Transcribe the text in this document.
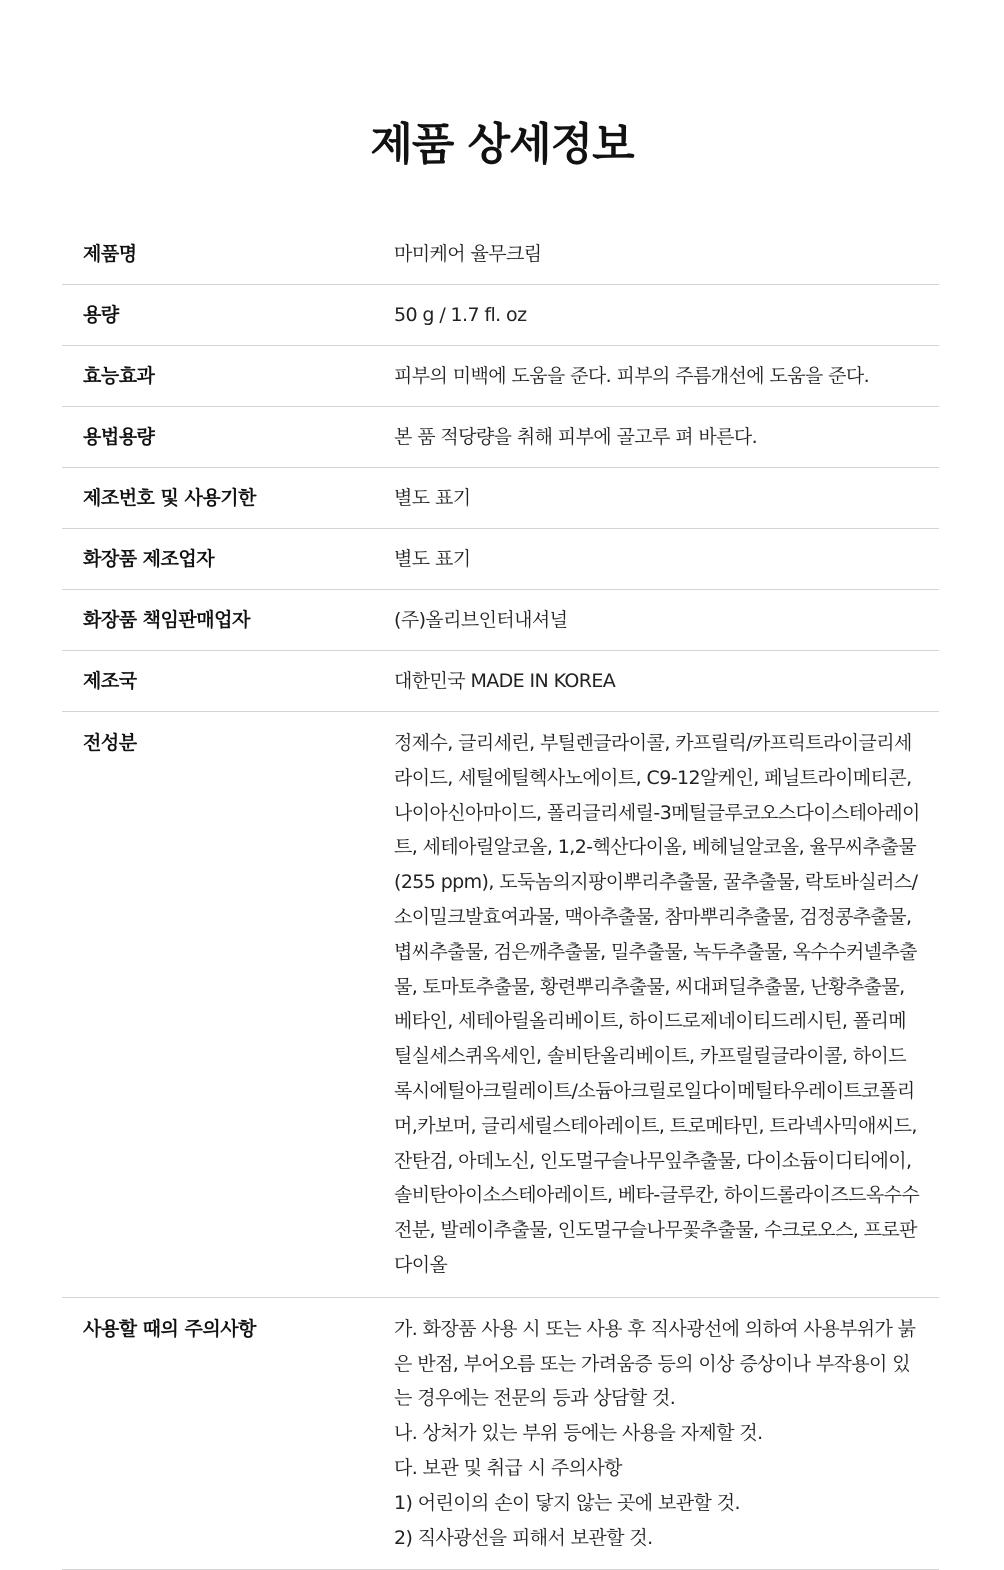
제품 상세정보
제품명	마미케어 율무크림
용량	50 g / 1.7 fl. oz
효능효과	피부의 미백에 도움을 준다. 피부의 주름개선에 도움을 준다.
용법용량	본 품 적당량을 취해 피부에 골고루 펴 바른다.
제조번호 및 사용기한	별도 표기
화장품 제조업자	별도 표기
화장품 책임판매업자	(주)올리브인터내셔널
제조국	대한민국 MADE IN KOREA
전성분	정제수, 글리세린, 부틸렌글라이콜, 카프릴릭/카프릭트라이글리세라이드, 세틸에틸헥사노에이트, C9-12알케인, 페닐트라이메티콘, 나이아신아마이드, 폴리글리세릴-3메틸글루코오스다이스테아레이트, 세테아릴알코올, 1,2-헥산다이올, 베헤닐알코올, 율무씨추출물 (255 ppm), 도둑놈의지팡이뿌리추출물, 꿀추출물, 락토바실러스/소이밀크발효여과물, 맥아추출물, 참마뿌리추출물, 검정콩추출물, 볍씨추출물, 검은깨추출물, 밀추출물, 녹두추출물, 옥수수커넬추출물, 토마토추출물, 황련뿌리추출물, 씨대퍼딜추출물, 난황추출물, 베타인, 세테아릴올리베이트, 하이드로제네이티드레시틴, 폴리메틸실세스퀴옥세인, 솔비탄올리베이트, 카프릴릴글라이콜, 하이드록시에틸아크릴레이트/소듐아크릴로일다이메틸타우레이트코폴리머,카보머, 글리세릴스테아레이트, 트로메타민, 트라넥사믹애씨드, 잔탄검, 아데노신, 인도멀구슬나무잎추출물, 다이소듐이디티에이, 솔비탄아이소스테아레이트, 베타-글루칸, 하이드롤라이즈드옥수수전분, 발레이추출물, 인도멀구슬나무꽃추출물, 수크로오스, 프로판다이올
사용할 때의 주의사항	가. 화장품 사용 시 또는 사용 후 직사광선에 의하여 사용부위가 붉은 반점, 부어오름 또는 가려움증 등의 이상 증상이나 부작용이 있는 경우에는 전문의 등과 상담할 것.
나. 상처가 있는 부위 등에는 사용을 자제할 것.
다. 보관 및 취급 시 주의사항
1) 어린이의 손이 닿지 않는 곳에 보관할 것.
2) 직사광선을 피해서 보관할 것.
